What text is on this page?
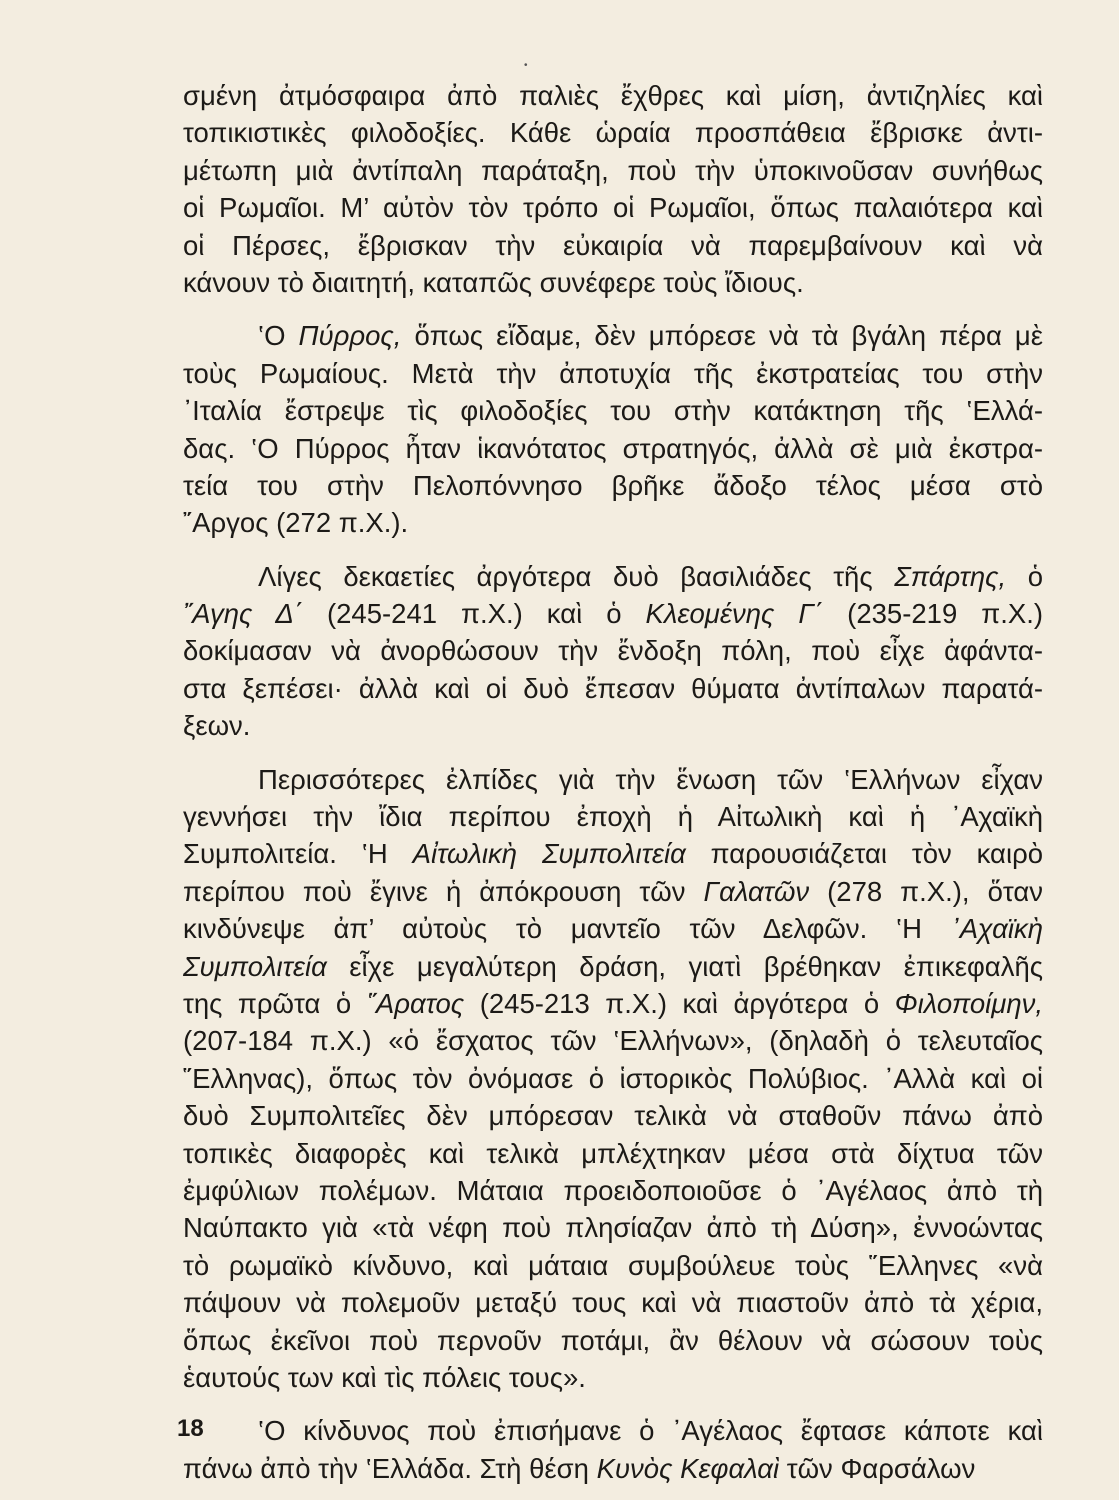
•
σμένη ἀτμόσφαιρα ἀπὸ παλιὲς ἔχθρες καὶ μίση, ἀντιζηλίες καὶ
τοπικιστικὲς φιλοδοξίες. Κάθε ὡραία προσπάθεια ἔβρισκε ἀντι-
μέτωπη μιὰ ἀντίπαλη παράταξη, ποὺ τὴν ὑποκινοῦσαν συνήθως
οἱ Ρωμαῖοι. Μ’ αὐτὸν τὸν τρόπο οἱ Ρωμαῖοι, ὅπως παλαιότερα καὶ
οἱ Πέρσες, ἔβρισκαν τὴν εὐκαιρία νὰ παρεμβαίνουν καὶ νὰ
κάνουν τὸ διαιτητή, καταπῶς συνέφερε τοὺς ἴδιους.
‛Ο Πύρρος, ὅπως εἴδαμε, δὲν μπόρεσε νὰ τὰ βγάλη πέρα μὲ
τοὺς Ρωμαίους. Μετὰ τὴν ἀποτυχία τῆς ἐκστρατείας του στὴν
᾽Ιταλία ἔστρεψε τὶς φιλοδοξίες του στὴν κατάκτηση τῆς ‛Ελλά-
δας. ‛Ο Πύρρος ἦταν ἱκανότατος στρατηγός, ἀλλὰ σὲ μιὰ ἐκστρα-
τεία του στὴν Πελοπόννησο βρῆκε ἄδοξο τέλος μέσα στὸ
῎Αργος (272 π.Χ.).
Λίγες δεκαετίες ἀργότερα δυὸ βασιλιάδες τῆς Σπάρτης, ὁ
῎Αγης Δ΄ (245-241 π.Χ.) καὶ ὁ Κλεομένης Γ΄ (235-219 π.Χ.)
δοκίμασαν νὰ ἀνορθώσουν τὴν ἔνδοξη πόλη, ποὺ εἶχε ἀφάντα-
στα ξεπέσει· ἀλλὰ καὶ οἱ δυὸ ἔπεσαν θύματα ἀντίπαλων παρατά-
ξεων.
Περισσότερες ἐλπίδες γιὰ τὴν ἕνωση τῶν ‛Ελλήνων εἶχαν
γεννήσει τὴν ἴδια περίπου ἐποχὴ ἡ Αἰτωλικὴ καὶ ἡ ᾽Αχαϊκὴ
Συμπολιτεία. ‛Η Αἰτωλικὴ Συμπολιτεία παρουσιάζεται τὸν καιρὸ
περίπου ποὺ ἔγινε ἡ ἀπόκρουση τῶν Γαλατῶν (278 π.Χ.), ὅταν
κινδύνεψε ἀπ’ αὐτοὺς τὸ μαντεῖο τῶν Δελφῶν. ‛Η ᾽Αχαϊκὴ
Συμπολιτεία εἶχε μεγαλύτερη δράση, γιατὶ βρέθηκαν ἐπικεφαλῆς
της πρῶτα ὁ ῞Αρατος (245-213 π.Χ.) καὶ ἀργότερα ὁ Φιλοποίμην,
(207-184 π.Χ.) «ὁ ἔσχατος τῶν ‛Ελλήνων», (δηλαδὴ ὁ τελευταῖος
῞Ελληνας), ὅπως τὸν ὀνόμασε ὁ ἱστορικὸς Πολύβιος. ᾽Αλλὰ καὶ οἱ
δυὸ Συμπολιτεῖες δὲν μπόρεσαν τελικὰ νὰ σταθοῦν πάνω ἀπὸ
τοπικὲς διαφορὲς καὶ τελικὰ μπλέχτηκαν μέσα στὰ δίχτυα τῶν
ἐμφύλιων πολέμων. Μάταια προειδοποιοῦσε ὁ ᾽Αγέλαος ἀπὸ τὴ
Ναύπακτο γιὰ «τὰ νέφη ποὺ πλησίαζαν ἀπὸ τὴ Δύση», ἐννοώντας
τὸ ρωμαϊκὸ κίνδυνο, καὶ μάταια συμβούλευε τοὺς ῞Ελληνες «νὰ
πάψουν νὰ πολεμοῦν μεταξύ τους καὶ νὰ πιαστοῦν ἀπὸ τὰ χέρια,
ὅπως ἐκεῖνοι ποὺ περνοῦν ποτάμι, ἂν θέλουν νὰ σώσουν τοὺς
ἑαυτούς των καὶ τὶς πόλεις τους».
‛Ο κίνδυνος ποὺ ἐπισήμανε ὁ ᾽Αγέλαος ἔφτασε κάποτε καὶ
πάνω ἀπὸ τὴν ‛Ελλάδα. Στὴ θέση Κυνὸς Κεφαλαὶ τῶν Φαρσάλων
18
